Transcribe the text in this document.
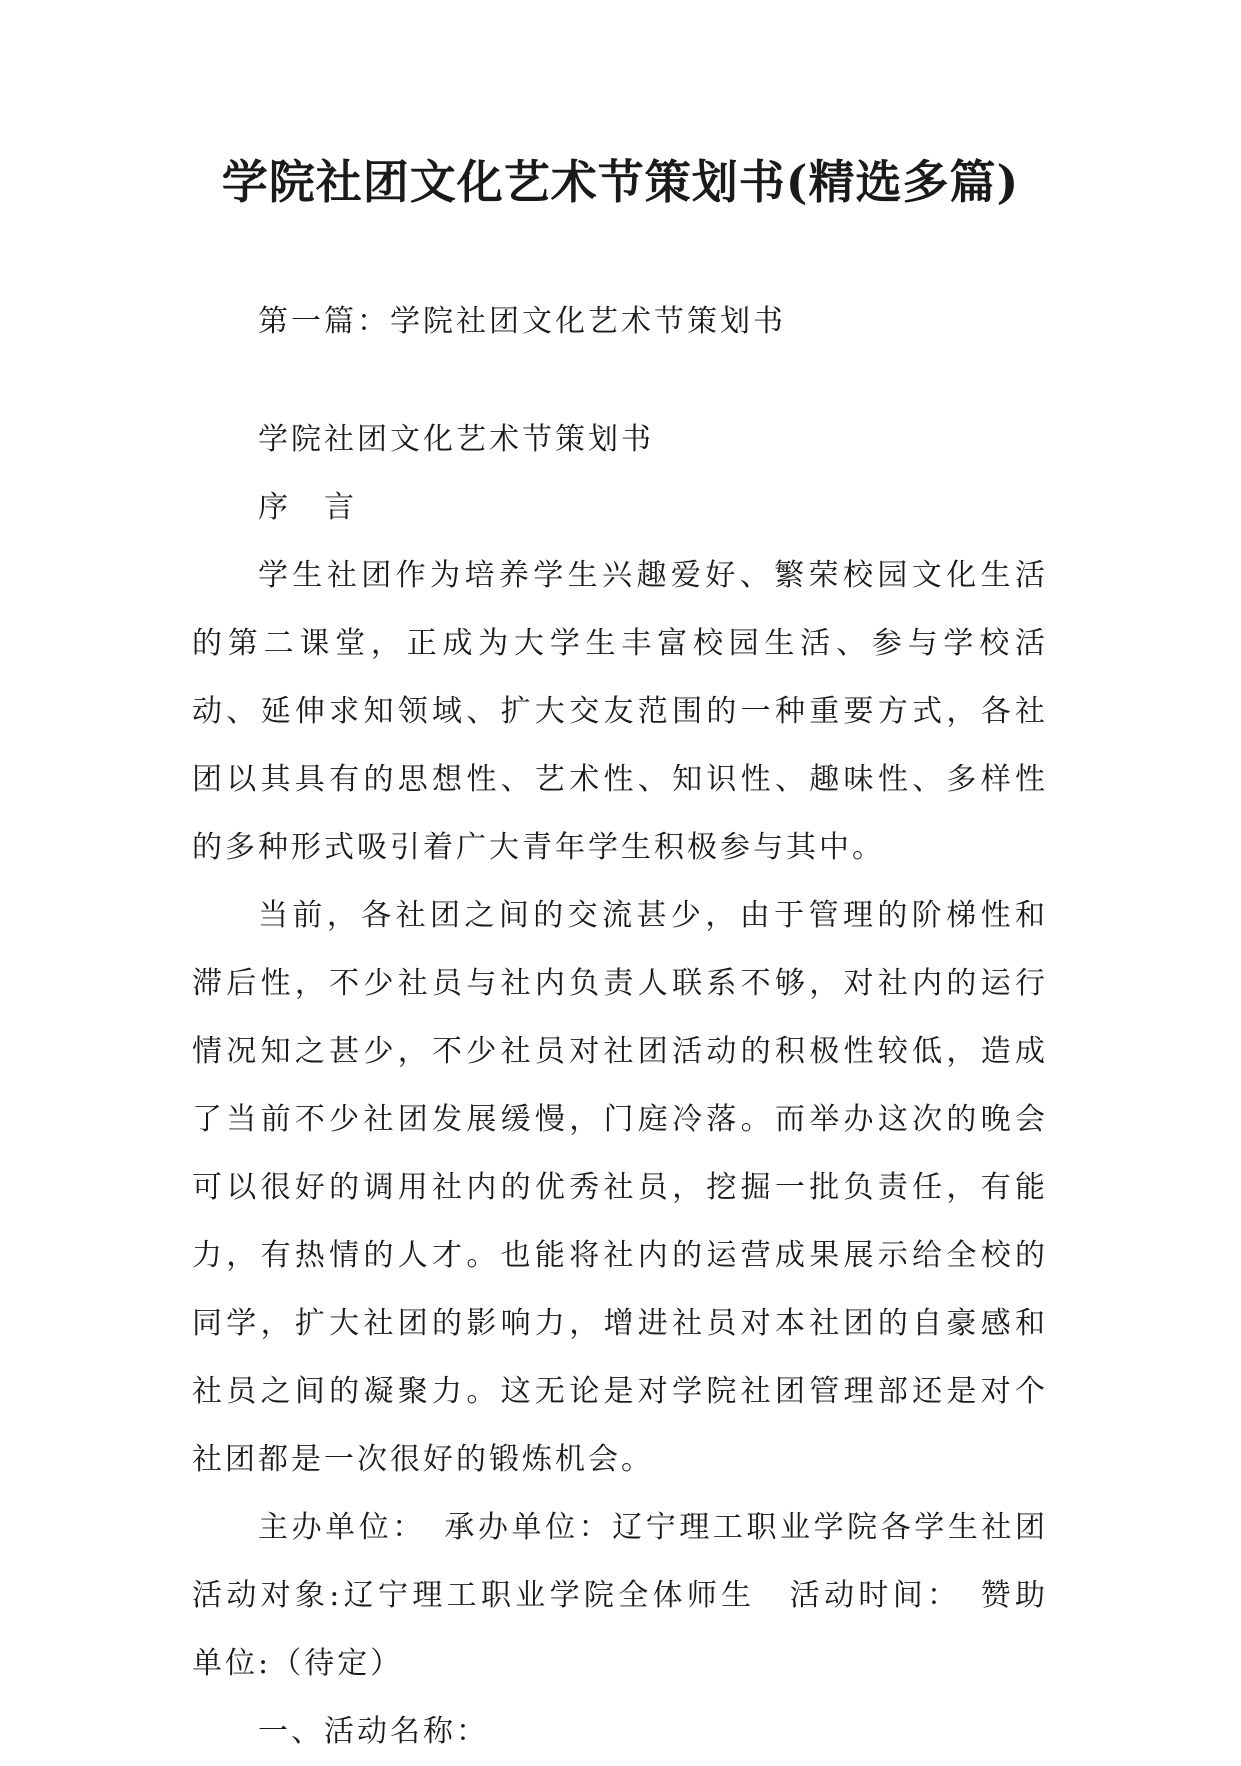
学院社团文化艺术节策划书(精选多篇)

第一篇：学院社团文化艺术节策划书

学院社团文化艺术节策划书

序　言

学生社团作为培养学生兴趣爱好、繁荣校园文化生活的第二课堂，正成为大学生丰富校园生活、参与学校活动、延伸求知领域、扩大交友范围的一种重要方式，各社团以其具有的思想性、艺术性、知识性、趣味性、多样性的多种形式吸引着广大青年学生积极参与其中。

当前，各社团之间的交流甚少，由于管理的阶梯性和滞后性，不少社员与社内负责人联系不够，对社内的运行情况知之甚少，不少社员对社团活动的积极性较低，造成了当前不少社团发展缓慢，门庭冷落。而举办这次的晚会可以很好的调用社内的优秀社员，挖掘一批负责任，有能力，有热情的人才。也能将社内的运营成果展示给全校的同学，扩大社团的影响力，增进社员对本社团的自豪感和社员之间的凝聚力。这无论是对学院社团管理部还是对个社团都是一次很好的锻炼机会。

主办单位：　承办单位：辽宁理工职业学院各学生社团活动对象:辽宁理工职业学院全体师生　活动时间：　赞助单位:（待定）

一、活动名称：
